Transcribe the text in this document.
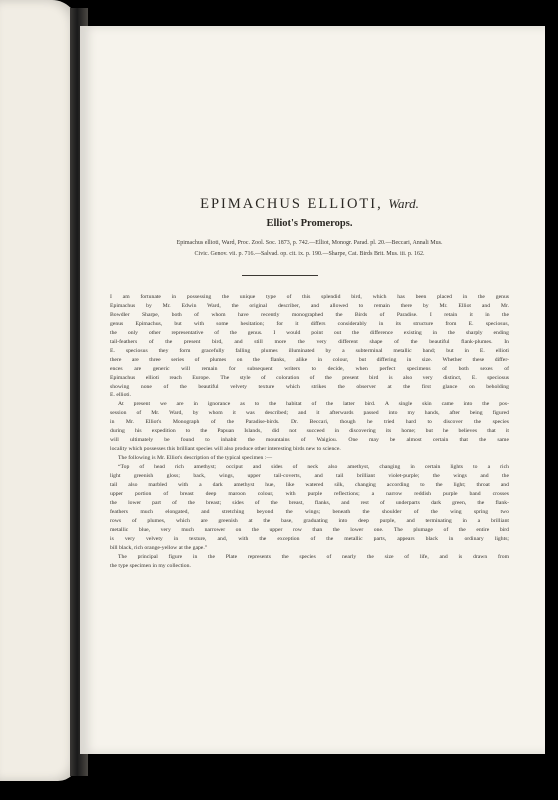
EPIMACHUS ELLIOTI, Ward.
Elliot's Promerops.
Epimachus ellioti, Ward, Proc. Zool. Soc. 1873, p. 742.—Elliot, Monogr. Parad. pl. 20.—Beccari, Annali Mus.
Civic. Genov. vii. p. 716.—Salvad. op. cit. ix. p. 190.—Sharpe, Cat. Birds Brit. Mus. iii. p. 162.

I am fortunate in possessing the unique type of this splendid bird, which has been placed in the genus
Epimachus by Mr. Edwin Ward, the original describer, and allowed to remain there by Mr. Elliot and Mr.
Bowdler Sharpe, both of whom have recently monographed the Birds of Paradise. I retain it in the
genus Epimachus, but with some hesitation; for it differs considerably in its structure from E. speciosus,
the only other representative of the genus. I would point out the difference existing in the sharply ending
tail-feathers of the present bird, and still more the very different shape of the beautiful flank-plumes. In
E. speciosus they form gracefully falling plumes illuminated by a subterminal metallic band; but in E. ellioti
there are three series of plumes on the flanks, alike in colour, but differing in size. Whether these differ-
ences are generic will remain for subsequent writers to decide, when perfect specimens of both sexes of
Epimachus ellioti reach Europe. The style of coloration of the present bird is also very distinct, E. speciosus
showing none of the beautiful velvety texture which strikes the observer at the first glance on beholding
E. ellioti.

At present we are in ignorance as to the habitat of the latter bird. A single skin came into the pos-
session of Mr. Ward, by whom it was described; and it afterwards passed into my hands, after being figured
in Mr. Elliot's Monograph of the Paradise-birds. Dr. Beccari, though he tried hard to discover the species
during his expedition to the Papuan Islands, did not succeed in discovering its home; but he believes that it
will ultimately be found to inhabit the mountains of Waigiou. One may be almost certain that the same
locality which possesses this brilliant species will also produce other interesting birds new to science.

The following is Mr. Elliot's description of the typical specimen :—

“Top of head rich amethyst; occiput and sides of neck also amethyst, changing in certain lights to a rich
light greenish gloss; back, wings, upper tail-coverts, and tail brilliant violet-purple; the wings and the
tail also marbled with a dark amethyst hue, like watered silk, changing according to the light; throat and
upper portion of breast deep maroon colour, with purple reflections; a narrow reddish purple band crosses
the lower part of the breast; sides of the breast, flanks, and rest of underparts dark green, the flank-
feathers much elongated, and stretching beyond the wings; beneath the shoulder of the wing spring two
rows of plumes, which are greenish at the base, graduating into deep purple, and terminating in a brilliant
metallic blue, very much narrower on the upper row than the lower one. The plumage of the entire bird
is very velvety in texture, and, with the exception of the metallic parts, appears black in ordinary lights;
bill black, rich orange-yellow at the gape.”

The principal figure in the Plate represents the species of nearly the size of life, and is drawn from
the type specimen in my collection.
